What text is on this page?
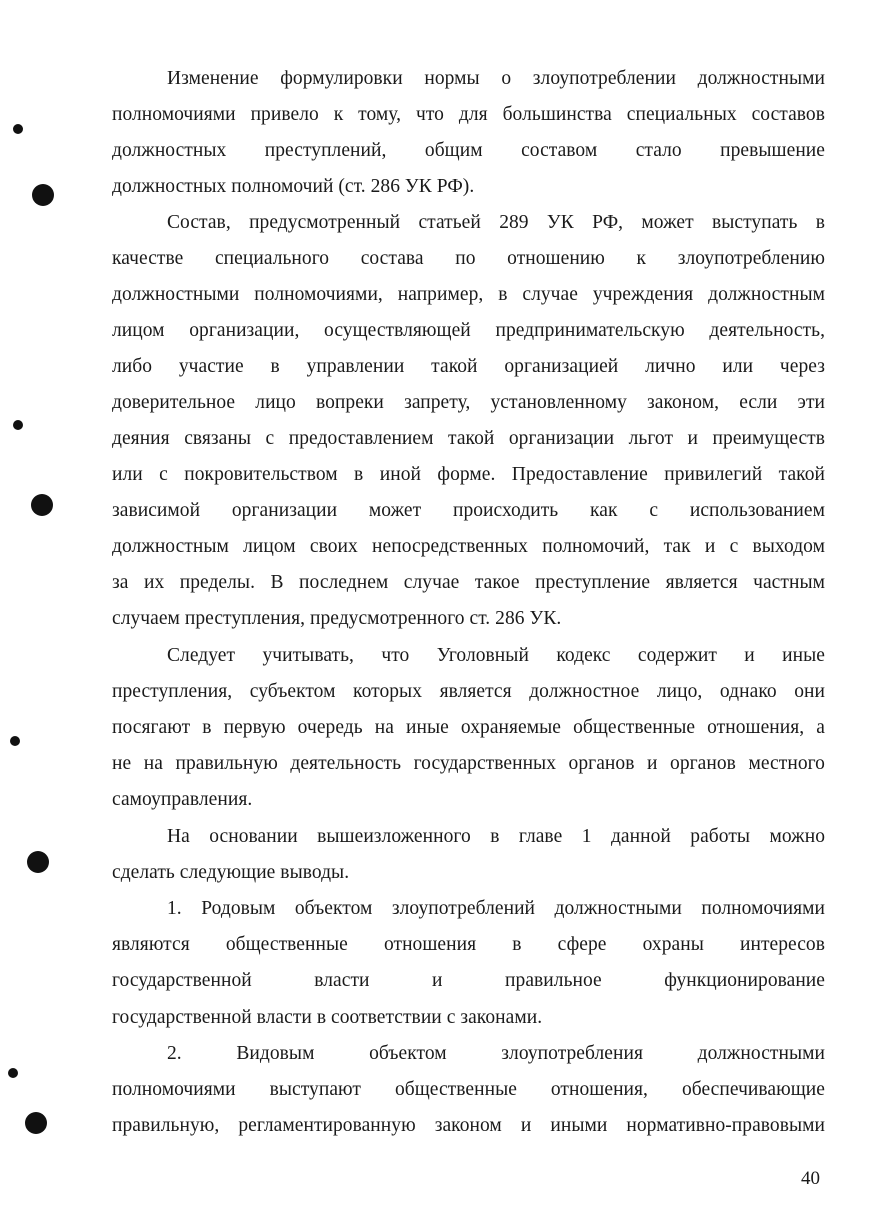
Изменение формулировки нормы о злоупотреблении должностными
полномочиями привело к тому, что для большинства специальных составов
должностных преступлений, общим составом стало превышение
должностных полномочий (ст. 286 УК РФ).
Состав, предусмотренный статьей 289 УК РФ, может выступать в
качестве специального состава по отношению к злоупотреблению
должностными полномочиями, например, в случае учреждения должностным
лицом организации, осуществляющей предпринимательскую деятельность,
либо участие в управлении такой организацией лично или через
доверительное лицо вопреки запрету, установленному законом, если эти
деяния связаны с предоставлением такой организации льгот и преимуществ
или с покровительством в иной форме. Предоставление привилегий такой
зависимой организации может происходить как с использованием
должностным лицом своих непосредственных полномочий, так и с выходом
за их пределы. В последнем случае такое преступление является частным
случаем преступления, предусмотренного ст. 286 УК.
Следует учитывать, что Уголовный кодекс содержит и иные
преступления, субъектом которых является должностное лицо, однако они
посягают в первую очередь на иные охраняемые общественные отношения, а
не на правильную деятельность государственных органов и органов местного
самоуправления.
На основании вышеизложенного в главе 1 данной работы можно
сделать следующие выводы.
1. Родовым объектом злоупотреблений должностными полномочиями
являются общественные отношения в сфере охраны интересов
государственной власти и правильное функционирование
государственной власти в соответствии с законами.
2. Видовым объектом злоупотребления должностными
полномочиями выступают общественные отношения, обеспечивающие
правильную, регламентированную законом и иными нормативно-правовыми
40
